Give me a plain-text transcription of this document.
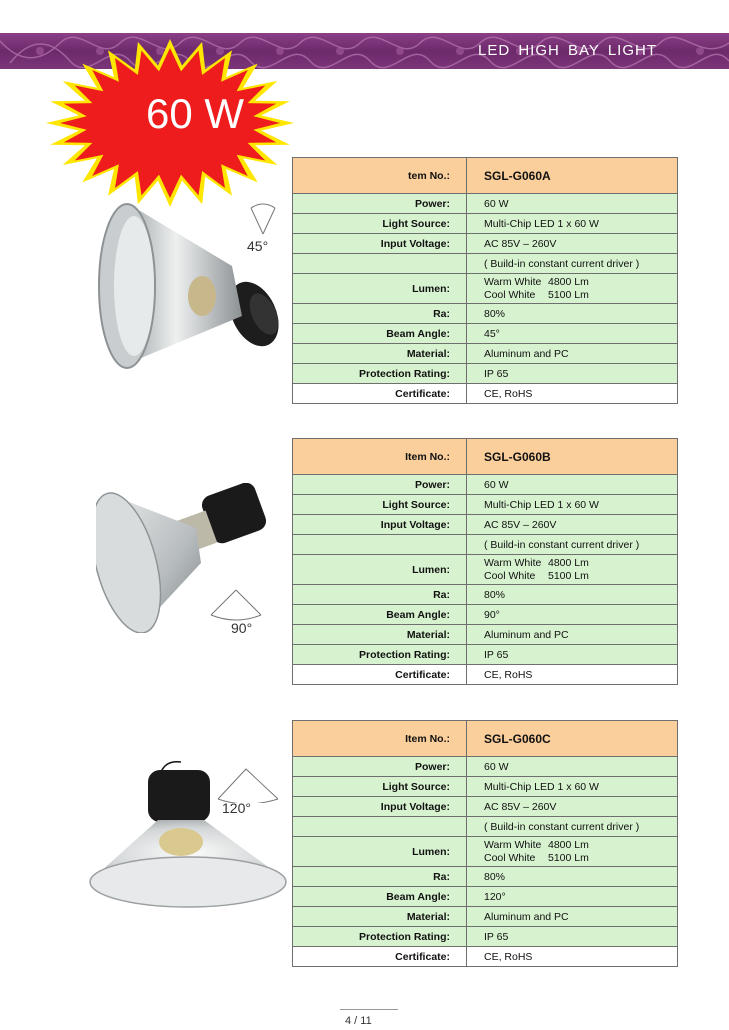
LED HIGH BAY LIGHT
60 W
45°
tem No.:	SGL-G060A
Power:	60 W
Light Source:	Multi-Chip LED 1 x 60 W
Input Voltage:	AC 85V – 260V
( Build-in constant current driver )
Lumen:
Warm White 4800 Lm
Cool White 5100 Lm
Ra:	80%
Beam Angle:	45°
Material:	Aluminum and PC
Protection Rating:	IP 65
Certificate:	CE, RoHS
90°
Item No.:	SGL-G060B
Power:	60 W
Light Source:	Multi-Chip LED 1 x 60 W
Input Voltage:	AC 85V – 260V
( Build-in constant current driver )
Lumen:
Warm White 4800 Lm
Cool White 5100 Lm
Ra:	80%
Beam Angle:	90°
Material:	Aluminum and PC
Protection Rating:	IP 65
Certificate:	CE, RoHS
120°
Item No.:	SGL-G060C
Power:	60 W
Light Source:	Multi-Chip LED 1 x 60 W
Input Voltage:	AC 85V – 260V
( Build-in constant current driver )
Lumen:
Warm White 4800 Lm
Cool White 5100 Lm
Ra:	80%
Beam Angle:	120°
Material:	Aluminum and PC
Protection Rating:	IP 65
Certificate:	CE, RoHS
4 / 11
